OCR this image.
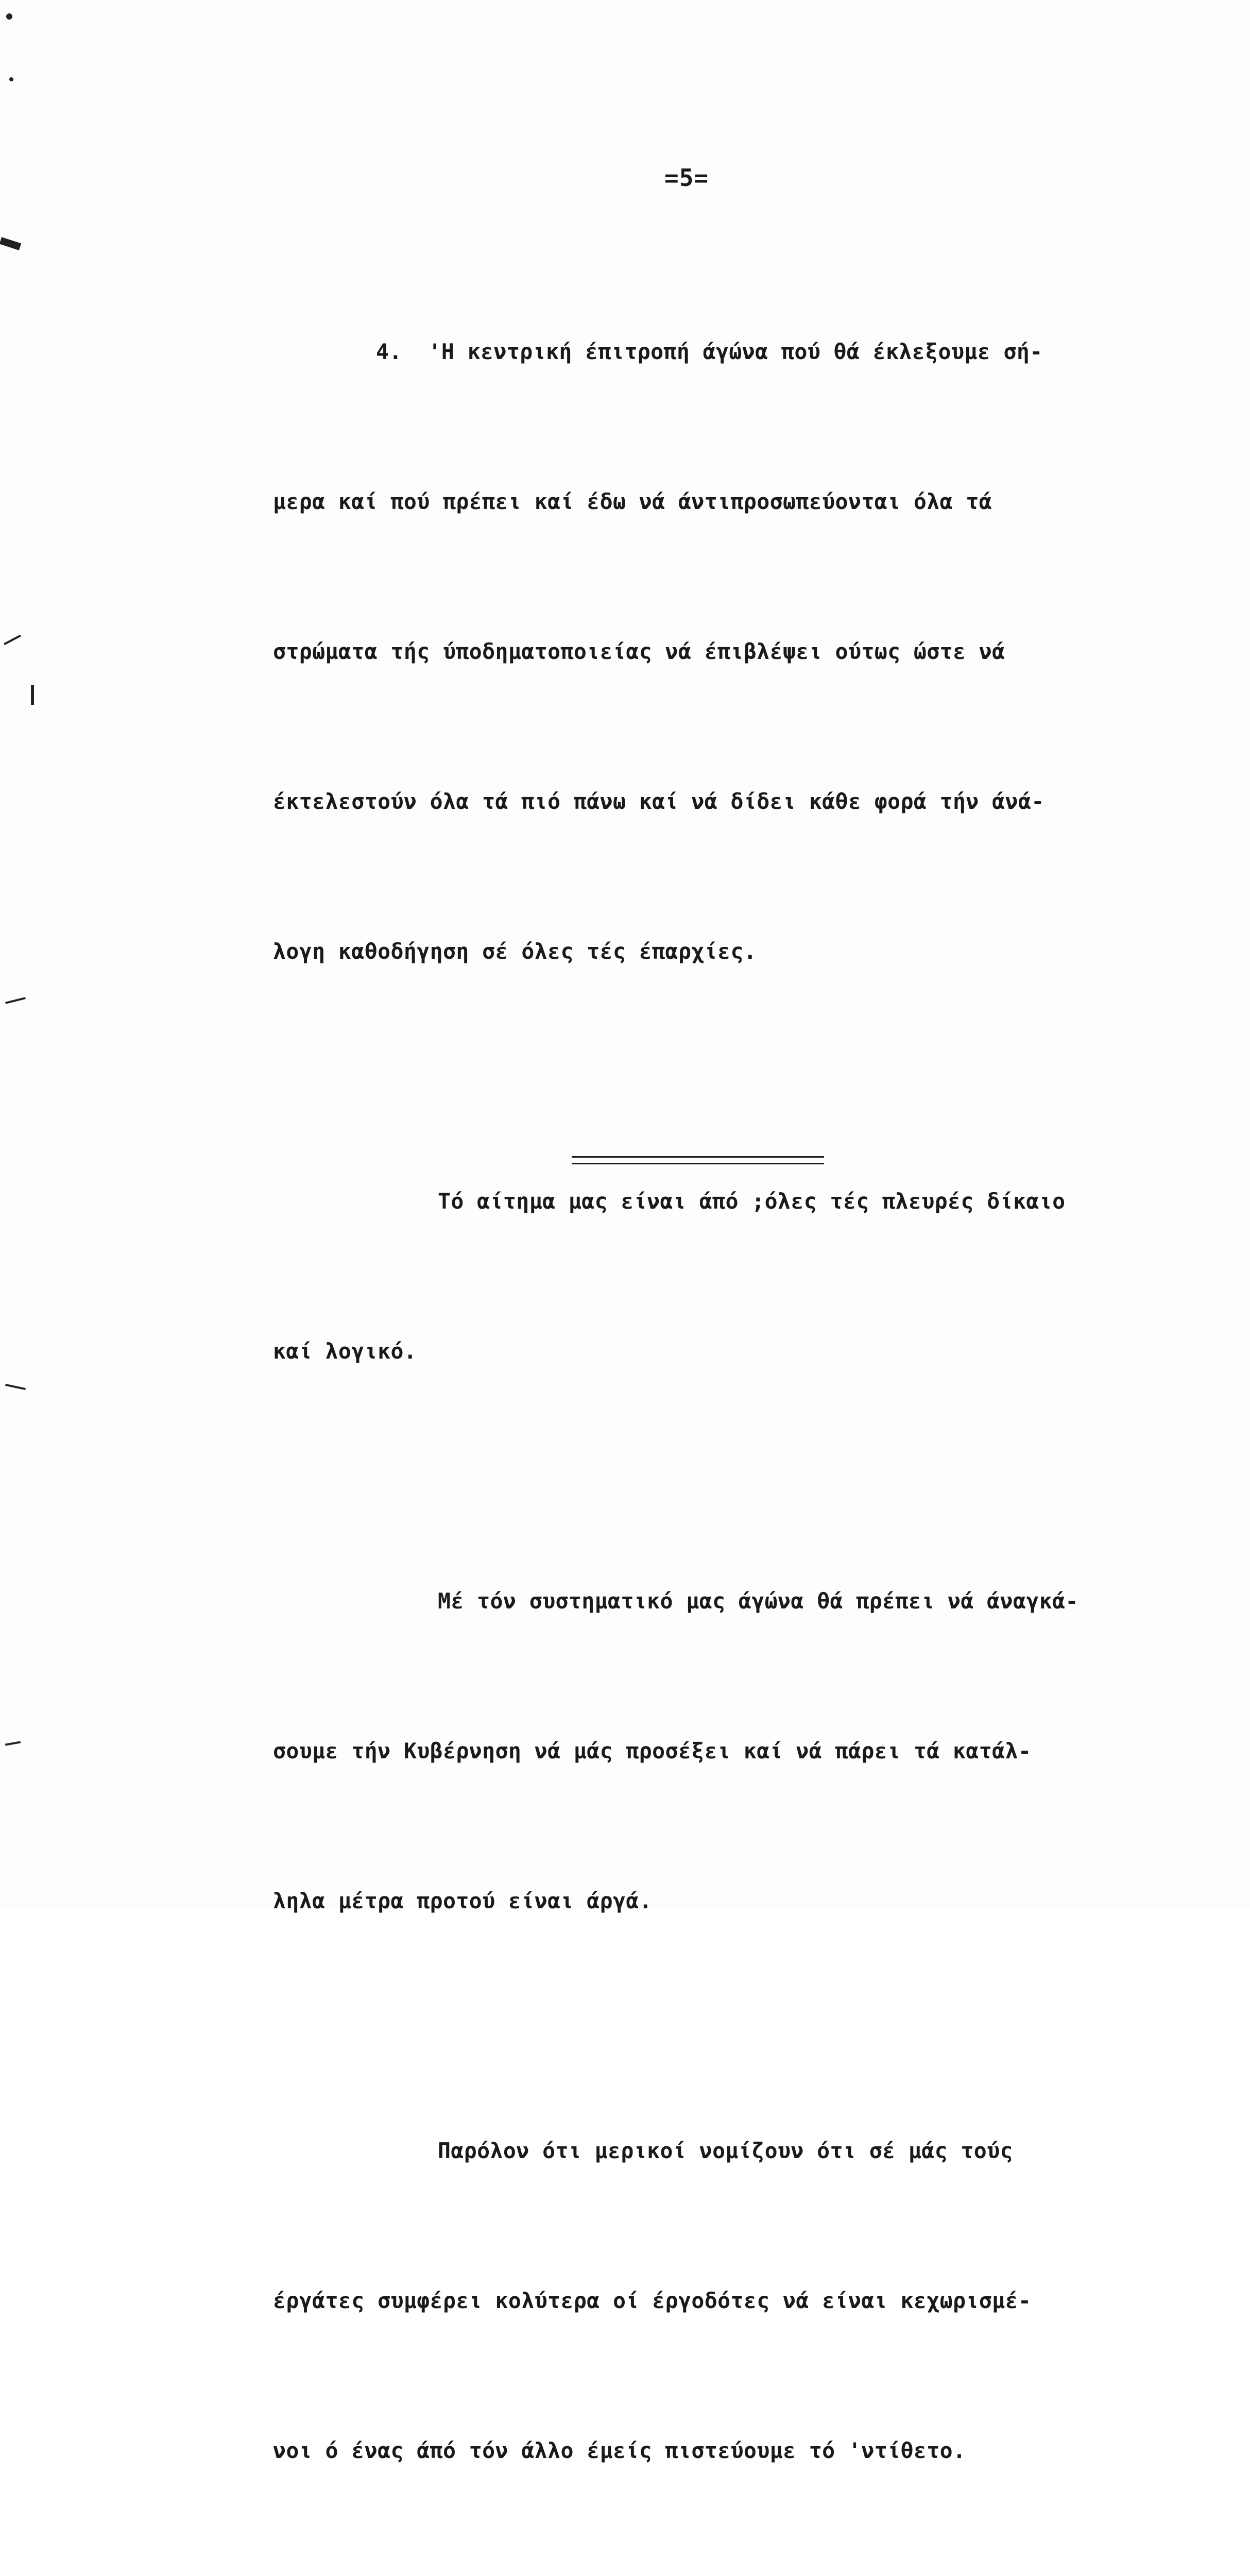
=5=

4.  'Η κεντρική έπιτροπή άγώνα πού θά έκλεξουμε σή-

μερα καί πού πρέπει καί έδω νά άντιπροσωπεύονται όλα τά

στρώματα τής ύποδηματοποιείας νά έπιβλέψει ούτως ώστε νά

έκτελεστούν όλα τά πιό πάνω καί νά δίδει κάθε φορά τήν άνά-

λογη καθοδήγηση σέ όλες τές έπαρχίες.

Τό αίτημα μας είναι άπό ;όλες τές πλευρές δίκαιο

καί λογικό.

Μέ τόν συστηματικό μας άγώνα θά πρέπει νά άναγκά-

σουμε τήν Κυβέρνηση νά μάς προσέξει καί νά πάρει τά κατάλ-

ληλα μέτρα προτού είναι άργά.

Παρόλον ότι μερικοί νομίζουν ότι σέ μάς τούς

έργάτες συμφέρει κολύτερα οί έργοδότες νά είναι κεχωρισμέ-

νοι ό ένας άπό τόν άλλο έμείς πιστεύουμε τό 'ντίθετο.
